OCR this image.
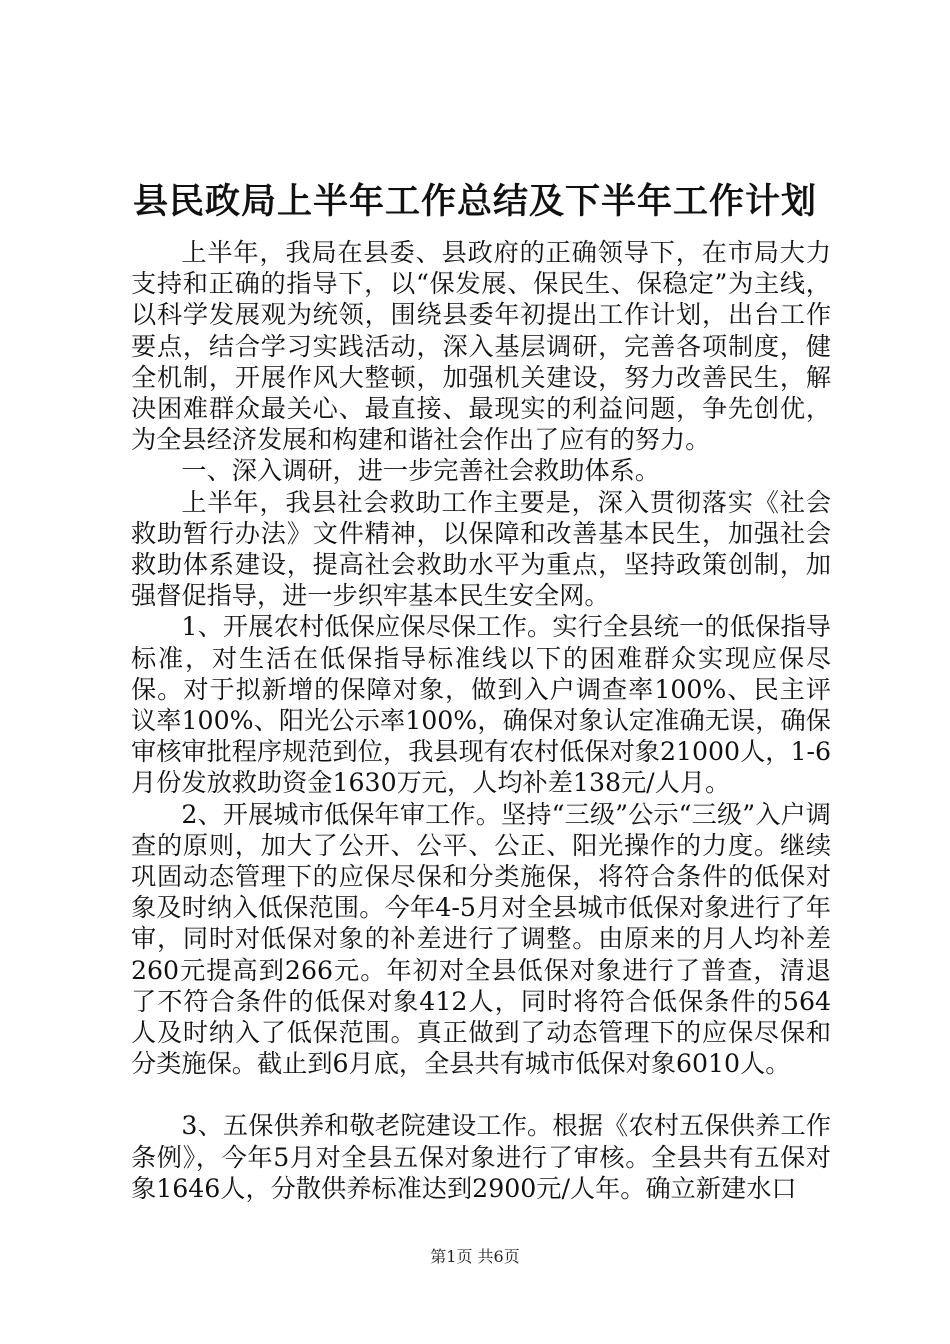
县民政局上半年工作总结及下半年工作计划

上半年，我局在县委、县政府的正确领导下，在市局大力支持和正确的指导下，以“保发展、保民生、保稳定”为主线，以科学发展观为统领，围绕县委年初提出工作计划，出台工作要点，结合学习实践活动，深入基层调研，完善各项制度，健全机制，开展作风大整顿，加强机关建设，努力改善民生，解决困难群众最关心、最直接、最现实的利益问题，争先创优，为全县经济发展和构建和谐社会作出了应有的努力。

一、深入调研，进一步完善社会救助体系。

上半年，我县社会救助工作主要是，深入贯彻落实《社会救助暂行办法》文件精神，以保障和改善基本民生，加强社会救助体系建设，提高社会救助水平为重点，坚持政策创制，加强督促指导，进一步织牢基本民生安全网。

1、开展农村低保应保尽保工作。实行全县统一的低保指导标准，对生活在低保指导标准线以下的困难群众实现应保尽保。对于拟新增的保障对象，做到入户调查率100%、民主评议率100%、阳光公示率100%，确保对象认定准确无误，确保审核审批程序规范到位，我县现有农村低保对象21000人，1-6月份发放救助资金1630万元，人均补差138元/人月。

2、开展城市低保年审工作。坚持“三级”公示“三级”入户调查的原则，加大了公开、公平、公正、阳光操作的力度。继续巩固动态管理下的应保尽保和分类施保，将符合条件的低保对象及时纳入低保范围。今年4-5月对全县城市低保对象进行了年审，同时对低保对象的补差进行了调整。由原来的月人均补差260元提高到266元。年初对全县低保对象进行了普查，清退了不符合条件的低保对象412人，同时将符合低保条件的564人及时纳入了低保范围。真正做到了动态管理下的应保尽保和分类施保。截止到6月底，全县共有城市低保对象6010人。

3、五保供养和敬老院建设工作。根据《农村五保供养工作条例》，今年5月对全县五保对象进行了审核。全县共有五保对象1646人，分散供养标准达到2900元/人年。确立新建水口

第1页 共6页
